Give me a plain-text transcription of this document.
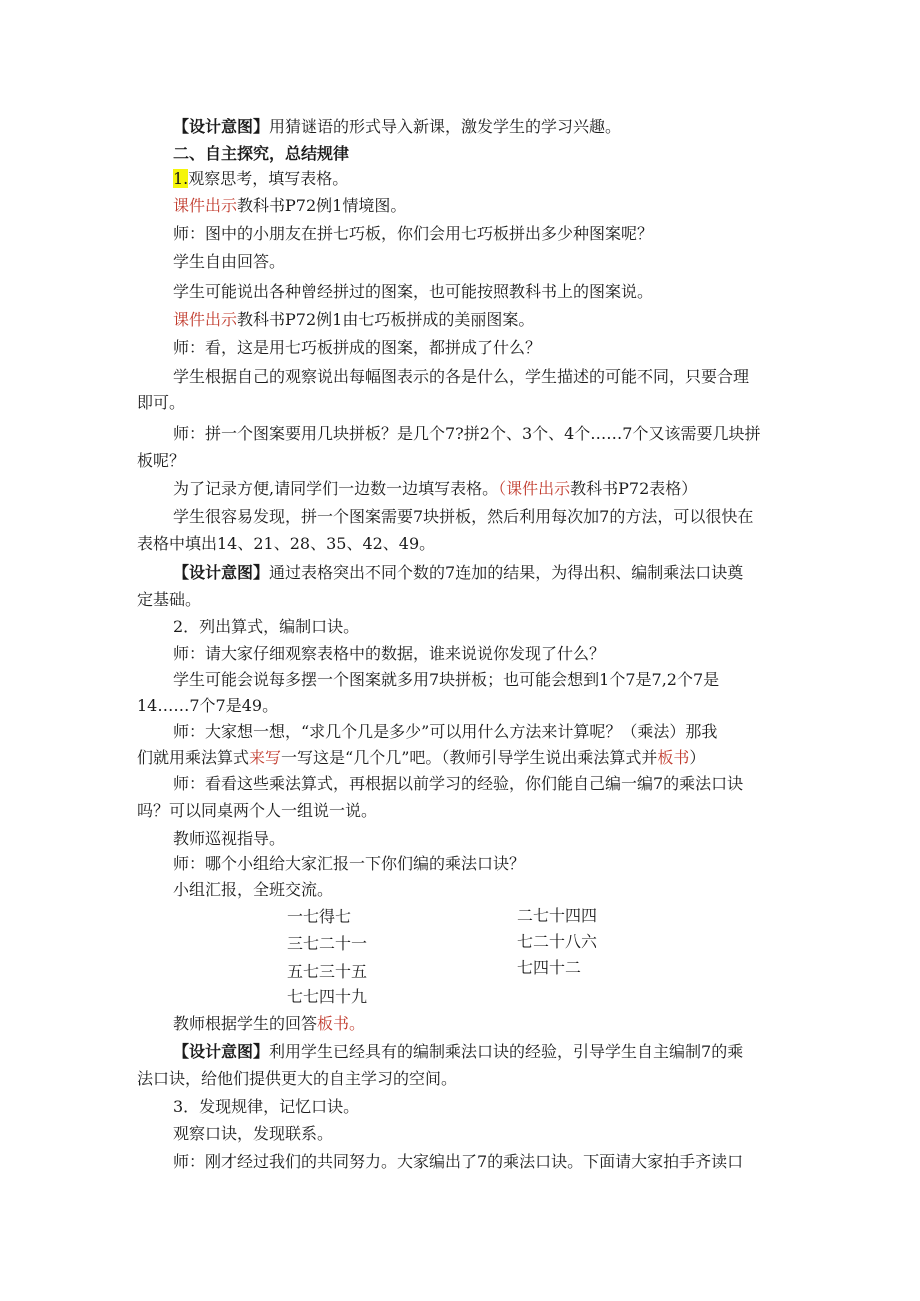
【设计意图】用猜谜语的形式导入新课，激发学生的学习兴趣。
二、自主探究，总结规律
1.观察思考，填写表格。
课件出示教科书P72例1情境图。
师：图中的小朋友在拼七巧板，你们会用七巧板拼出多少种图案呢？
学生自由回答。
学生可能说出各种曾经拼过的图案，也可能按照教科书上的图案说。
课件出示教科书P72例1由七巧板拼成的美丽图案。
师：看，这是用七巧板拼成的图案，都拼成了什么？
学生根据自己的观察说出每幅图表示的各是什么，学生描述的可能不同，只要合理
即可。
师：拼一个图案要用几块拼板？是几个7?拼2个、3个、4个……7个又该需要几块拼
板呢？
为了记录方便,请同学们一边数一边填写表格。（课件出示教科书P72表格）
学生很容易发现，拼一个图案需要7块拼板，然后利用每次加7的方法，可以很快在
表格中填出14、21、28、35、42、49。
【设计意图】通过表格突出不同个数的7连加的结果，为得出积、编制乘法口诀奠
定基础。
2．列出算式，编制口诀。
师：请大家仔细观察表格中的数据，谁来说说你发现了什么？
学生可能会说每多摆一个图案就多用7块拼板；也可能会想到1个7是7,2个7是
14……7个7是49。
师：大家想一想，“求几个几是多少”可以用什么方法来计算呢？（乘法）那我
们就用乘法算式来写一写这是“几个几”吧。（教师引导学生说出乘法算式并板书）
师：看看这些乘法算式，再根据以前学习的经验，你们能自己编一编7的乘法口诀
吗？可以同桌两个人一组说一说。
教师巡视指导。
师：哪个小组给大家汇报一下你们编的乘法口诀？
小组汇报，全班交流。
一七得七
三七二十一
五七三十五
七七四十九
二七十四四
七二十八六
七四十二
教师根据学生的回答板书。
【设计意图】利用学生已经具有的编制乘法口诀的经验，引导学生自主编制7的乘
法口诀，给他们提供更大的自主学习的空间。
3．发现规律，记忆口诀。
观察口诀，发现联系。
师：刚才经过我们的共同努力。大家编出了7的乘法口诀。下面请大家拍手齐读口
